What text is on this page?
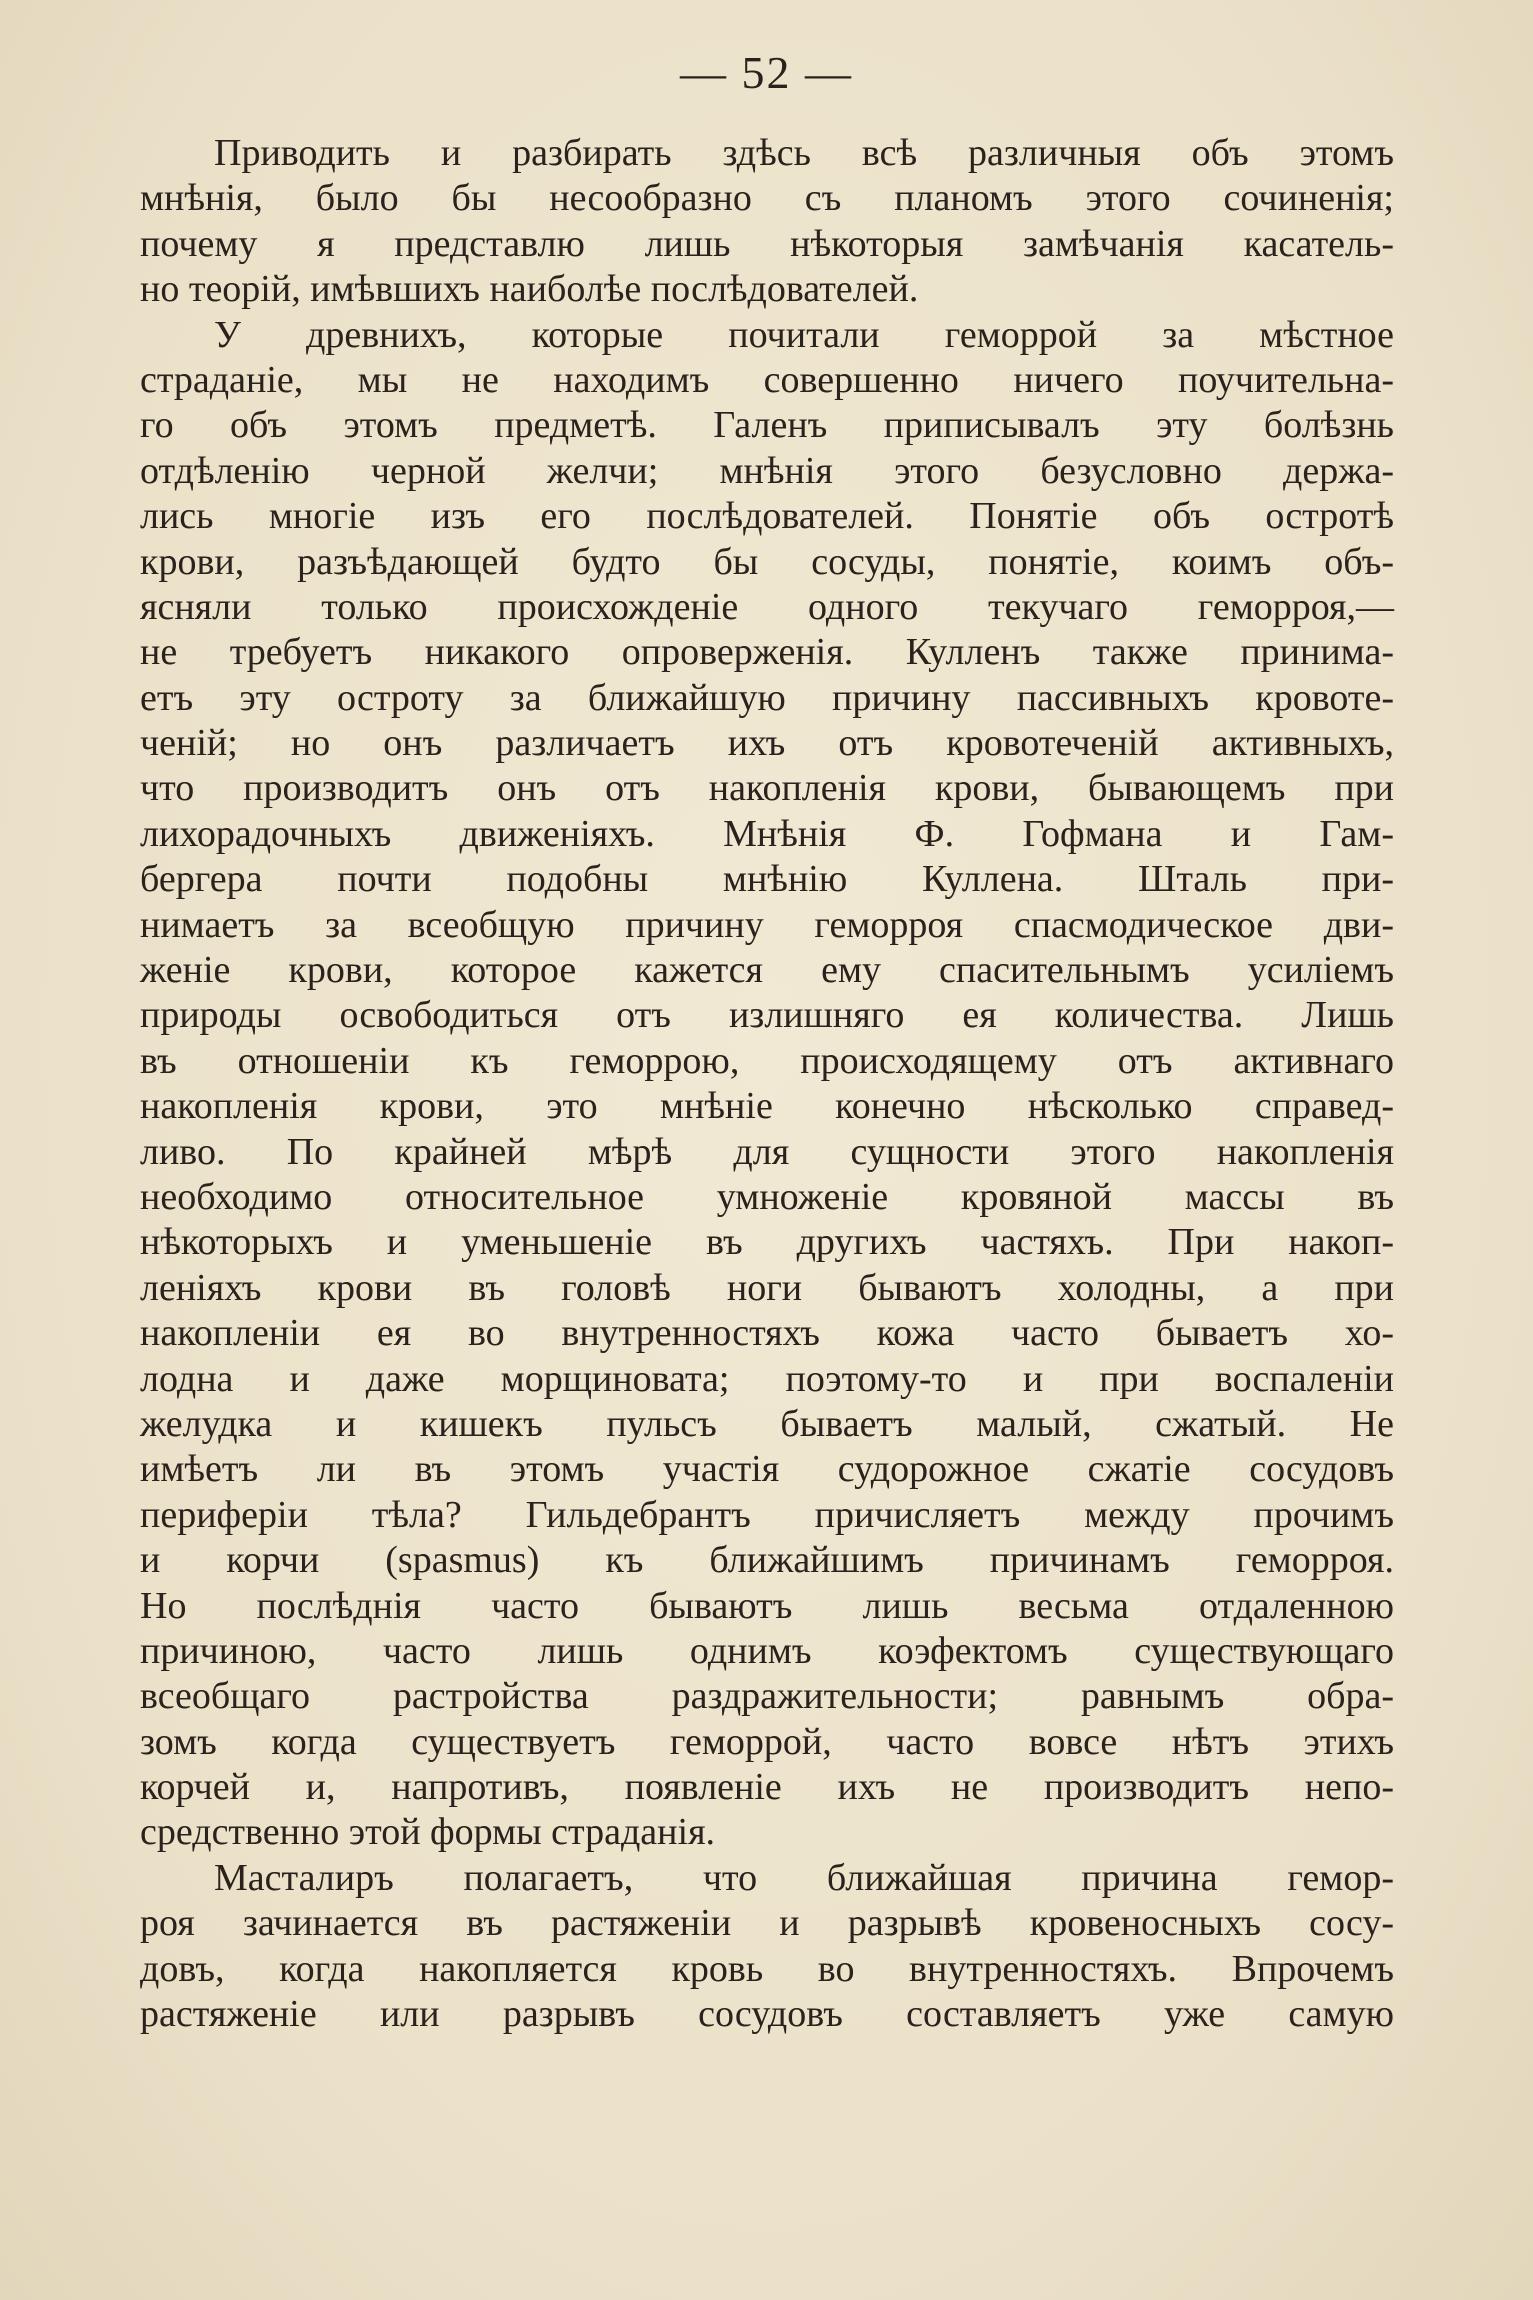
— 52 —
Приводить и разбирать здѣсь всѣ различныя объ этомъ
мнѣнія, было бы несообразно съ планомъ этого сочиненія;
почему я представлю лишь нѣкоторыя замѣчанія касатель-
но теорій, имѣвшихъ наиболѣе послѣдователей.
У древнихъ, которые почитали геморрой за мѣстное
страданіе, мы не находимъ совершенно ничего поучительна-
го объ этомъ предметѣ. Галенъ приписывалъ эту болѣзнь
отдѣленію черной желчи; мнѣнія этого безусловно держа-
лись многіе изъ его послѣдователей. Понятіе объ остротѣ
крови, разъѣдающей будто бы сосуды, понятіе, коимъ объ-
ясняли только происхожденіе одного текучаго геморроя,—
не требуетъ никакого опроверженія. Кулленъ также принима-
етъ эту остроту за ближайшую причину пассивныхъ кровоте-
ченій; но онъ различаетъ ихъ отъ кровотеченій активныхъ,
что производитъ онъ отъ накопленія крови, бывающемъ при
лихорадочныхъ движеніяхъ. Мнѣнія Ф. Гофмана и Гам-
бергера почти подобны мнѣнію Куллена. Шталь при-
нимаетъ за всеобщую причину геморроя спасмодическое дви-
женіе крови, которое кажется ему спасительнымъ усиліемъ
природы освободиться отъ излишняго ея количества. Лишь
въ отношеніи къ геморрою, происходящему отъ активнаго
накопленія крови, это мнѣніе конечно нѣсколько справед-
ливо. По крайней мѣрѣ для сущности этого накопленія
необходимо относительное умноженіе кровяной массы въ
нѣкоторыхъ и уменьшеніе въ другихъ частяхъ. При накоп-
леніяхъ крови въ головѣ ноги бываютъ холодны, а при
накопленіи ея во внутренностяхъ кожа часто бываетъ хо-
лодна и даже морщиновата; поэтому-то и при воспаленіи
желудка и кишекъ пульсъ бываетъ малый, сжатый. Не
имѣетъ ли въ этомъ участія судорожное сжатіе сосудовъ
периферіи тѣла? Гильдебрантъ причисляетъ между прочимъ
и корчи (spasmus) къ ближайшимъ причинамъ геморроя.
Но послѣднія часто бываютъ лишь весьма отдаленною
причиною, часто лишь однимъ коэфектомъ существующаго
всеобщаго растройства раздражительности; равнымъ обра-
зомъ когда существуетъ геморрой, часто вовсе нѣтъ этихъ
корчей и, напротивъ, появленіе ихъ не производитъ непо-
средственно этой формы страданія.
Масталиръ полагаетъ, что ближайшая причина гемор-
роя зачинается въ растяженіи и разрывѣ кровеносныхъ сосу-
довъ, когда накопляется кровь во внутренностяхъ. Впрочемъ
растяженіе или разрывъ сосудовъ составляетъ уже самую
